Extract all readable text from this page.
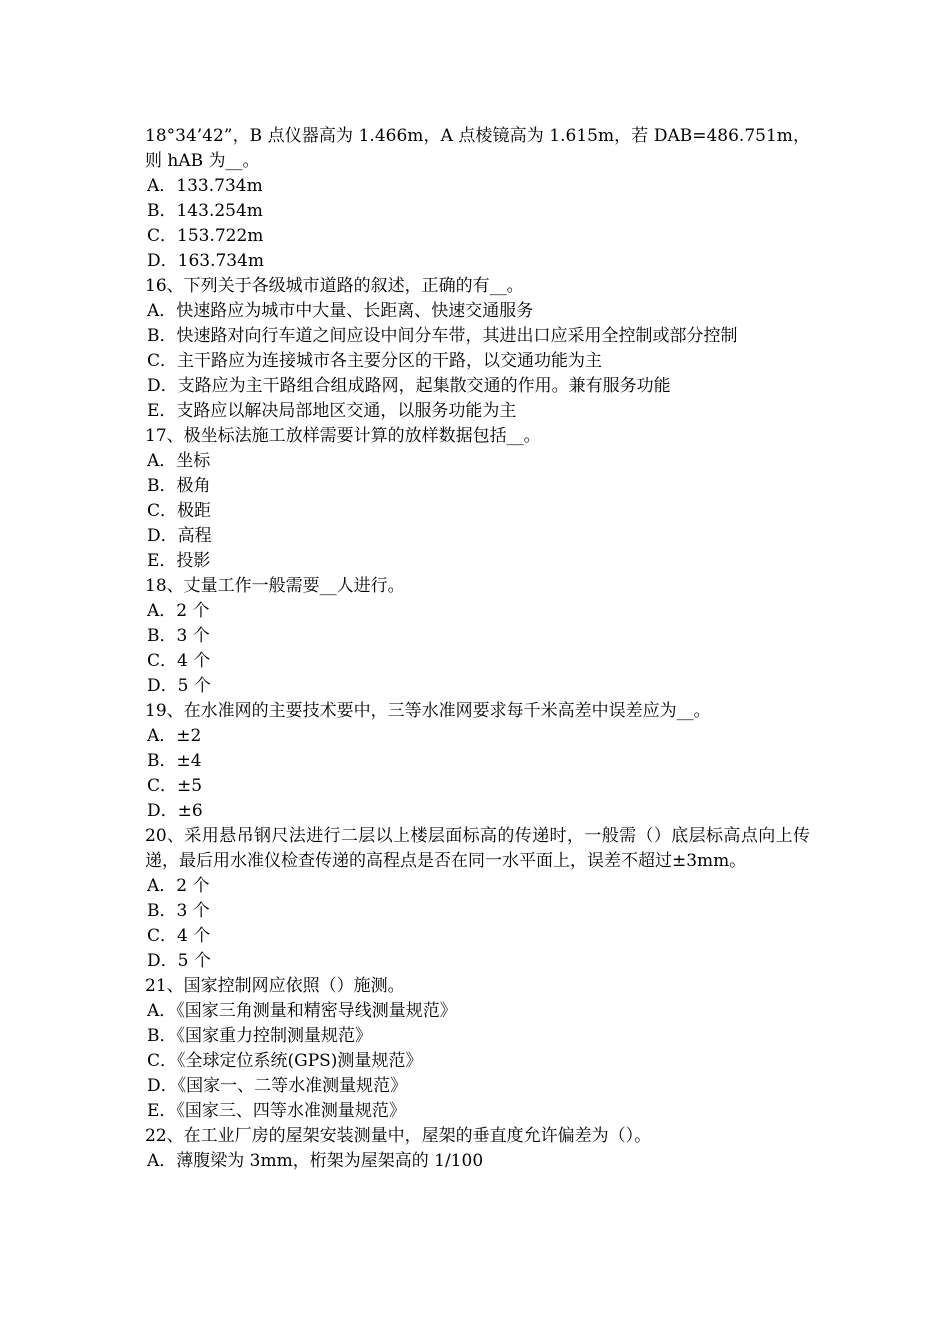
18°34’42”，B 点仪器高为 1.466m，A 点棱镜高为 1.615m，若 DAB=486.751m，则 hAB 为__。

A．133.734m

B．143.254m

C．153.722m

D．163.734m

16、下列关于各级城市道路的叙述，正确的有__。

A．快速路应为城市中大量、长距离、快速交通服务

B．快速路对向行车道之间应设中间分车带，其进出口应采用全控制或部分控制

C．主干路应为连接城市各主要分区的干路，以交通功能为主

D．支路应为主干路组合组成路网，起集散交通的作用。兼有服务功能

E．支路应以解决局部地区交通，以服务功能为主

17、极坐标法施工放样需要计算的放样数据包括__。

A．坐标

B．极角

C．极距

D．高程

E．投影

18、丈量工作一般需要__人进行。

A．2 个

B．3 个

C．4 个

D．5 个

19、在水准网的主要技术要中，三等水准网要求每千米高差中误差应为__。

A．±2

B．±4

C．±5

D．±6

20、采用悬吊钢尺法进行二层以上楼层面标高的传递时，一般需（）底层标高点向上传递，最后用水准仪检查传递的高程点是否在同一水平面上，误差不超过±3mm。

A．2 个

B．3 个

C．4 个

D．5 个

21、国家控制网应依照（）施测。

A．《国家三角测量和精密导线测量规范》

B．《国家重力控制测量规范》

C．《全球定位系统(GPS)测量规范》

D．《国家一、二等水准测量规范》

E．《国家三、四等水准测量规范》

22、在工业厂房的屋架安装测量中，屋架的垂直度允许偏差为（）。

A．薄腹梁为 3mm，桁架为屋架高的 1/100
